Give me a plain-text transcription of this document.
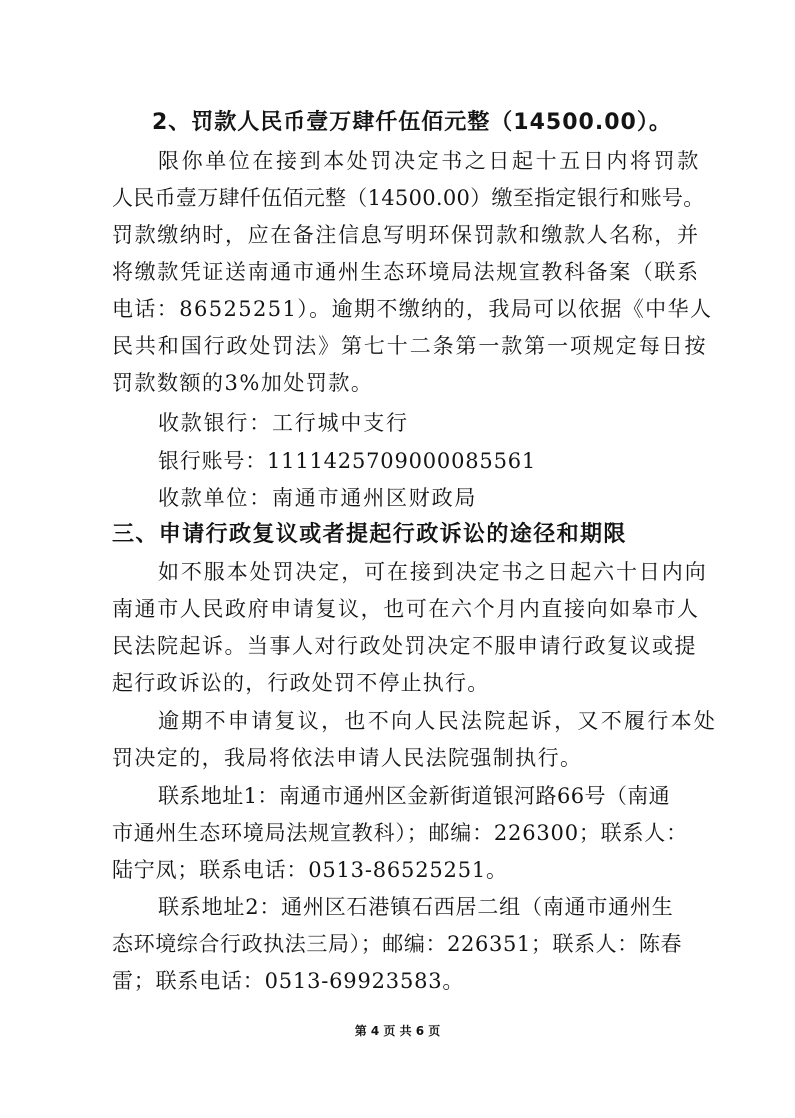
2、罚款人民币壹万肆仟伍佰元整（14500.00）。
限你单位在接到本处罚决定书之日起十五日内将罚款
人民币壹万肆仟伍佰元整（14500.00）缴至指定银行和账号。
罚款缴纳时，应在备注信息写明环保罚款和缴款人名称，并
将缴款凭证送南通市通州生态环境局法规宣教科备案（联系
电话：86525251）。逾期不缴纳的，我局可以依据《中华人
民共和国行政处罚法》第七十二条第一款第一项规定每日按
罚款数额的3%加处罚款。
收款银行：工行城中支行
银行账号：1111425709000085561
收款单位：南通市通州区财政局
三、申请行政复议或者提起行政诉讼的途径和期限
如不服本处罚决定，可在接到决定书之日起六十日内向
南通市人民政府申请复议，也可在六个月内直接向如皋市人
民法院起诉。当事人对行政处罚决定不服申请行政复议或提
起行政诉讼的，行政处罚不停止执行。
逾期不申请复议，也不向人民法院起诉，又不履行本处
罚决定的，我局将依法申请人民法院强制执行。
联系地址1：南通市通州区金新街道银河路66号（南通
市通州生态环境局法规宣教科）；邮编：226300；联系人：
陆宁凤；联系电话：0513-86525251。
联系地址2：通州区石港镇石西居二组（南通市通州生
态环境综合行政执法三局）；邮编：226351；联系人：陈春
雷；联系电话：0513-69923583。
第 4 页 共 6 页
